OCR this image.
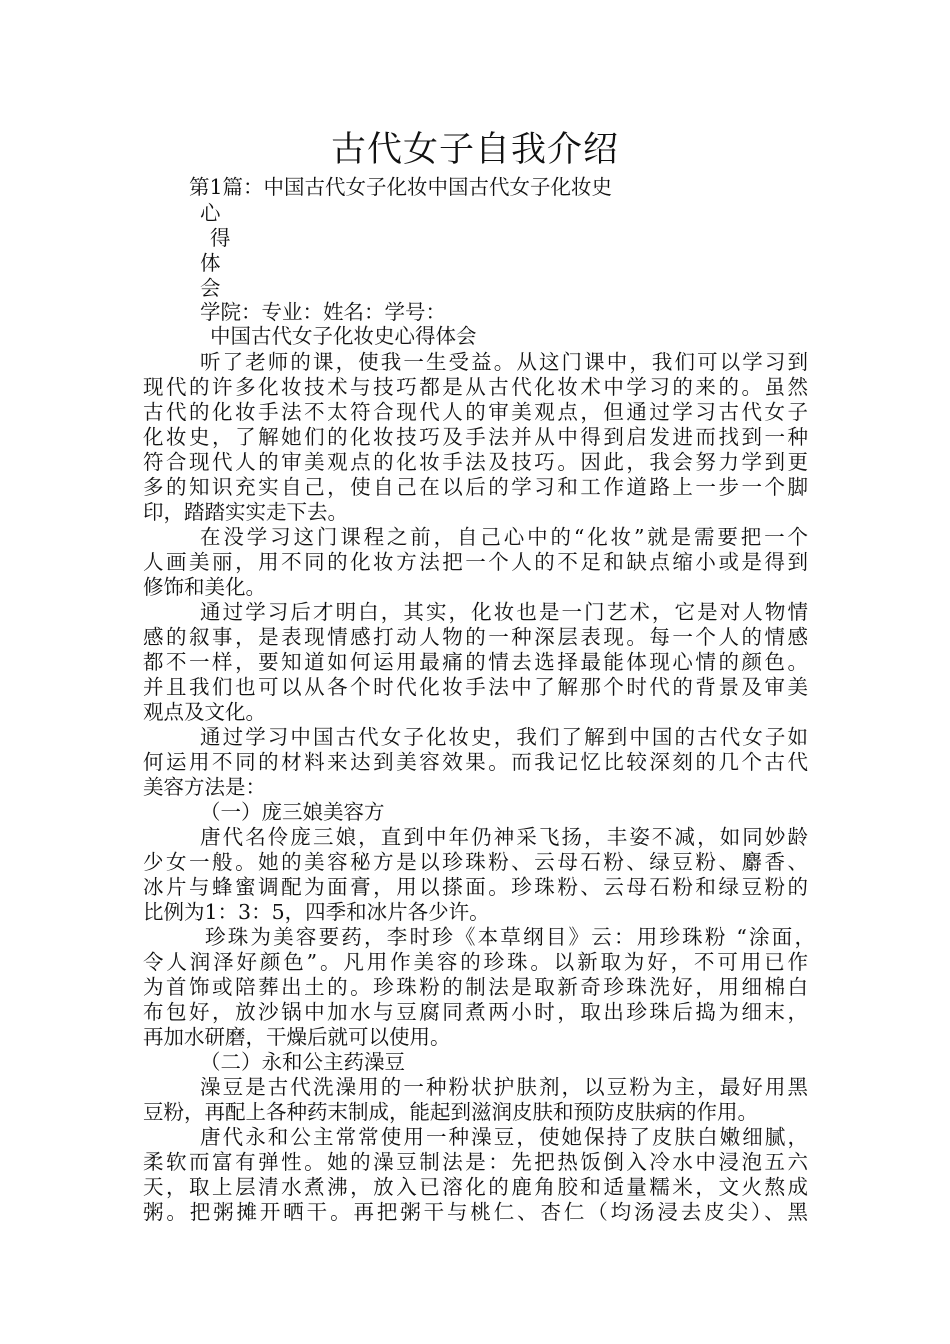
古代女子自我介绍
第1篇：中国古代女子化妆中国古代女子化妆史
心
得
体
会
学院：专业：姓名：学号：
中国古代女子化妆史心得体会
听了老师的课，使我一生受益。从这门课中，我们可以学习到
现代的许多化妆技术与技巧都是从古代化妆术中学习的来的。虽然
古代的化妆手法不太符合现代人的审美观点，但通过学习古代女子
化妆史，了解她们的化妆技巧及手法并从中得到启发进而找到一种
符合现代人的审美观点的化妆手法及技巧。因此，我会努力学到更
多的知识充实自己，使自己在以后的学习和工作道路上一步一个脚
印，踏踏实实走下去。
在没学习这门课程之前，自己心中的“化妆”就是需要把一个
人画美丽，用不同的化妆方法把一个人的不足和缺点缩小或是得到
修饰和美化。
通过学习后才明白，其实，化妆也是一门艺术，它是对人物情
感的叙事，是表现情感打动人物的一种深层表现。每一个人的情感
都不一样，要知道如何运用最痛的情去选择最能体现心情的颜色。
并且我们也可以从各个时代化妆手法中了解那个时代的背景及审美
观点及文化。
通过学习中国古代女子化妆史，我们了解到中国的古代女子如
何运用不同的材料来达到美容效果。而我记忆比较深刻的几个古代
美容方法是：
（一）庞三娘美容方
唐代名伶庞三娘，直到中年仍神采飞扬，丰姿不减，如同妙龄
少女一般。她的美容秘方是以珍珠粉、云母石粉、绿豆粉、麝香、
冰片与蜂蜜调配为面膏，用以搽面。珍珠粉、云母石粉和绿豆粉的
比例为1：3：5，四季和冰片各少许。
珍珠为美容要药，李时珍《本草纲目》云：用珍珠粉 “涂面，
令人润泽好颜色”。凡用作美容的珍珠。以新取为好，不可用已作
为首饰或陪葬出土的。珍珠粉的制法是取新奇珍珠洗好，用细棉白
布包好，放沙锅中加水与豆腐同煮两小时，取出珍珠后捣为细末，
再加水研磨，干燥后就可以使用。
（二）永和公主药澡豆
澡豆是古代洗澡用的一种粉状护肤剂，以豆粉为主，最好用黑
豆粉，再配上各种药末制成，能起到滋润皮肤和预防皮肤病的作用。
唐代永和公主常常使用一种澡豆，使她保持了皮肤白嫩细腻，
柔软而富有弹性。她的澡豆制法是：先把热饭倒入冷水中浸泡五六
天，取上层清水煮沸，放入已溶化的鹿角胶和适量糯米，文火熬成
粥。把粥摊开晒干。再把粥干与桃仁、杏仁（均汤浸去皮尖）、黑
